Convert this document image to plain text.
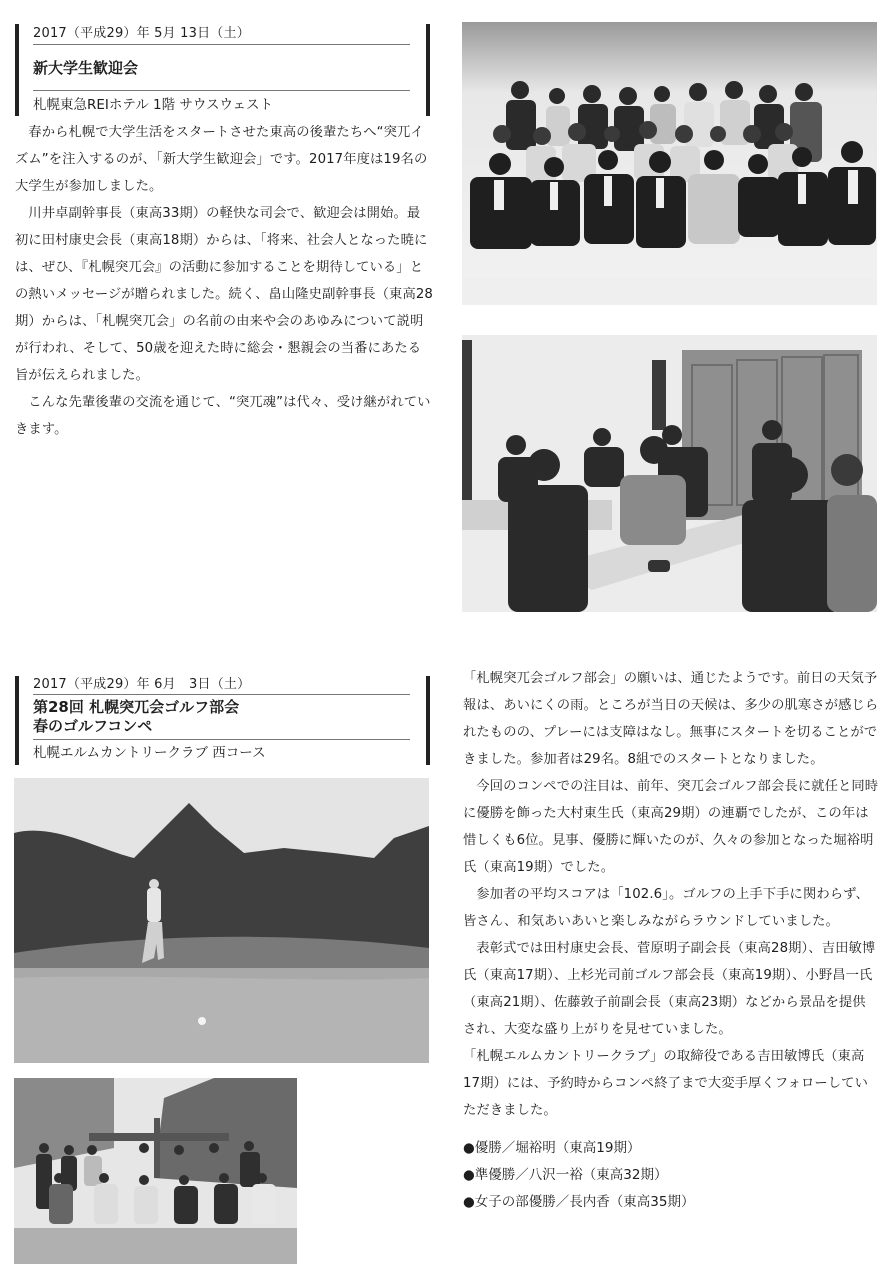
2017（平成29）年 5月 13日（土）
新大学生歓迎会
札幌東急REIホテル 1階 サウスウェスト

春から札幌で大学生活をスタートさせた東高の後輩たちへ“突兀イズム”を注入するのが、「新大学生歓迎会」です。2017年度は19名の大学生が参加しました。

川井卓副幹事長（東高33期）の軽快な司会で、歓迎会は開始。最初に田村康史会長（東高18期）からは、「将来、社会人となった暁には、ぜひ、『札幌突兀会』の活動に参加することを期待している」との熱いメッセージが贈られました。続く、畠山隆史副幹事長（東高28期）からは、「札幌突兀会」の名前の由来や会のあゆみについて説明が行われ、そして、50歳を迎えた時に総会・懇親会の当番にあたる旨が伝えられました。

こんな先輩後輩の交流を通じて、“突兀魂”は代々、受け継がれていきます。

2017（平成29）年 6月　3日（土）
第28回 札幌突兀会ゴルフ部会
春のゴルフコンペ
札幌エルムカントリークラブ 西コース

「札幌突兀会ゴルフ部会」の願いは、通じたようです。前日の天気予報は、あいにくの雨。ところが当日の天候は、多少の肌寒さが感じられたものの、プレーには支障はなし。無事にスタートを切ることができました。参加者は29名。8組でのスタートとなりました。

今回のコンペでの注目は、前年、突兀会ゴルフ部会長に就任と同時に優勝を飾った大村東生氏（東高29期）の連覇でしたが、この年は惜しくも6位。見事、優勝に輝いたのが、久々の参加となった堀裕明氏（東高19期）でした。

参加者の平均スコアは「102.6」。ゴルフの上手下手に関わらず、皆さん、和気あいあいと楽しみながらラウンドしていました。

表彰式では田村康史会長、菅原明子副会長（東高28期）、吉田敏博氏（東高17期）、上杉光司前ゴルフ部会長（東高19期）、小野昌一氏（東高21期）、佐藤敦子前副会長（東高23期）などから景品を提供され、大変な盛り上がりを見せていました。

「札幌エルムカントリークラブ」の取締役である吉田敏博氏（東高17期）には、予約時からコンペ終了まで大変手厚くフォローしていただきました。

●優勝／堀裕明（東高19期）
●準優勝／八沢一裕（東高32期）
●女子の部優勝／長内香（東高35期）
